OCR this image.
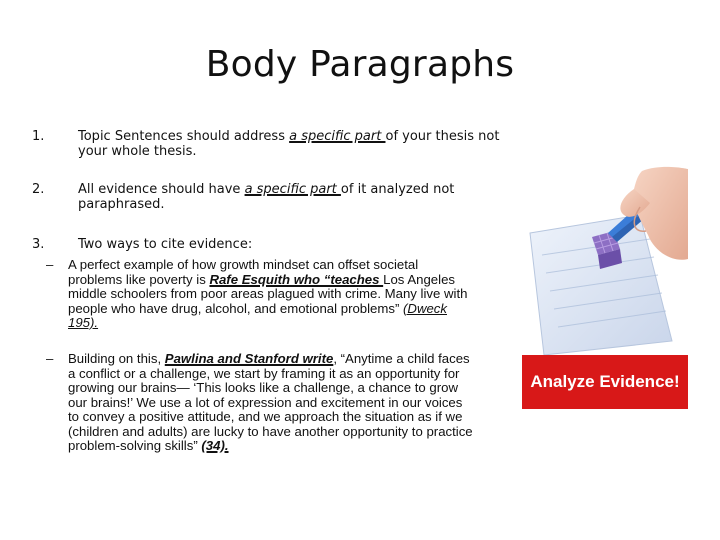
Body Paragraphs
1.	Topic Sentences should address a specific part of your thesis not your whole thesis.
2.	All evidence should have a specific part of it analyzed not paraphrased.
3.	Two ways to cite evidence:
–	A perfect example of how growth mindset can offset societal problems like poverty is Rafe Esquith who “teaches Los Angeles middle schoolers from poor areas plagued with crime. Many live with people who have drug, alcohol, and emotional problems” (Dweck 195).
–	Building on this, Pawlina and Stanford write, “Anytime a child faces a conflict or a challenge, we start by framing it as an opportunity for growing our brains— ‘This looks like a challenge, a chance to grow our brains!’ We use a lot of expression and excitement in our voices to convey a positive attitude, and we approach the situation as if we (children and adults) are lucky to have another opportunity to practice problem-solving skills” (34).
Analyze Evidence!
